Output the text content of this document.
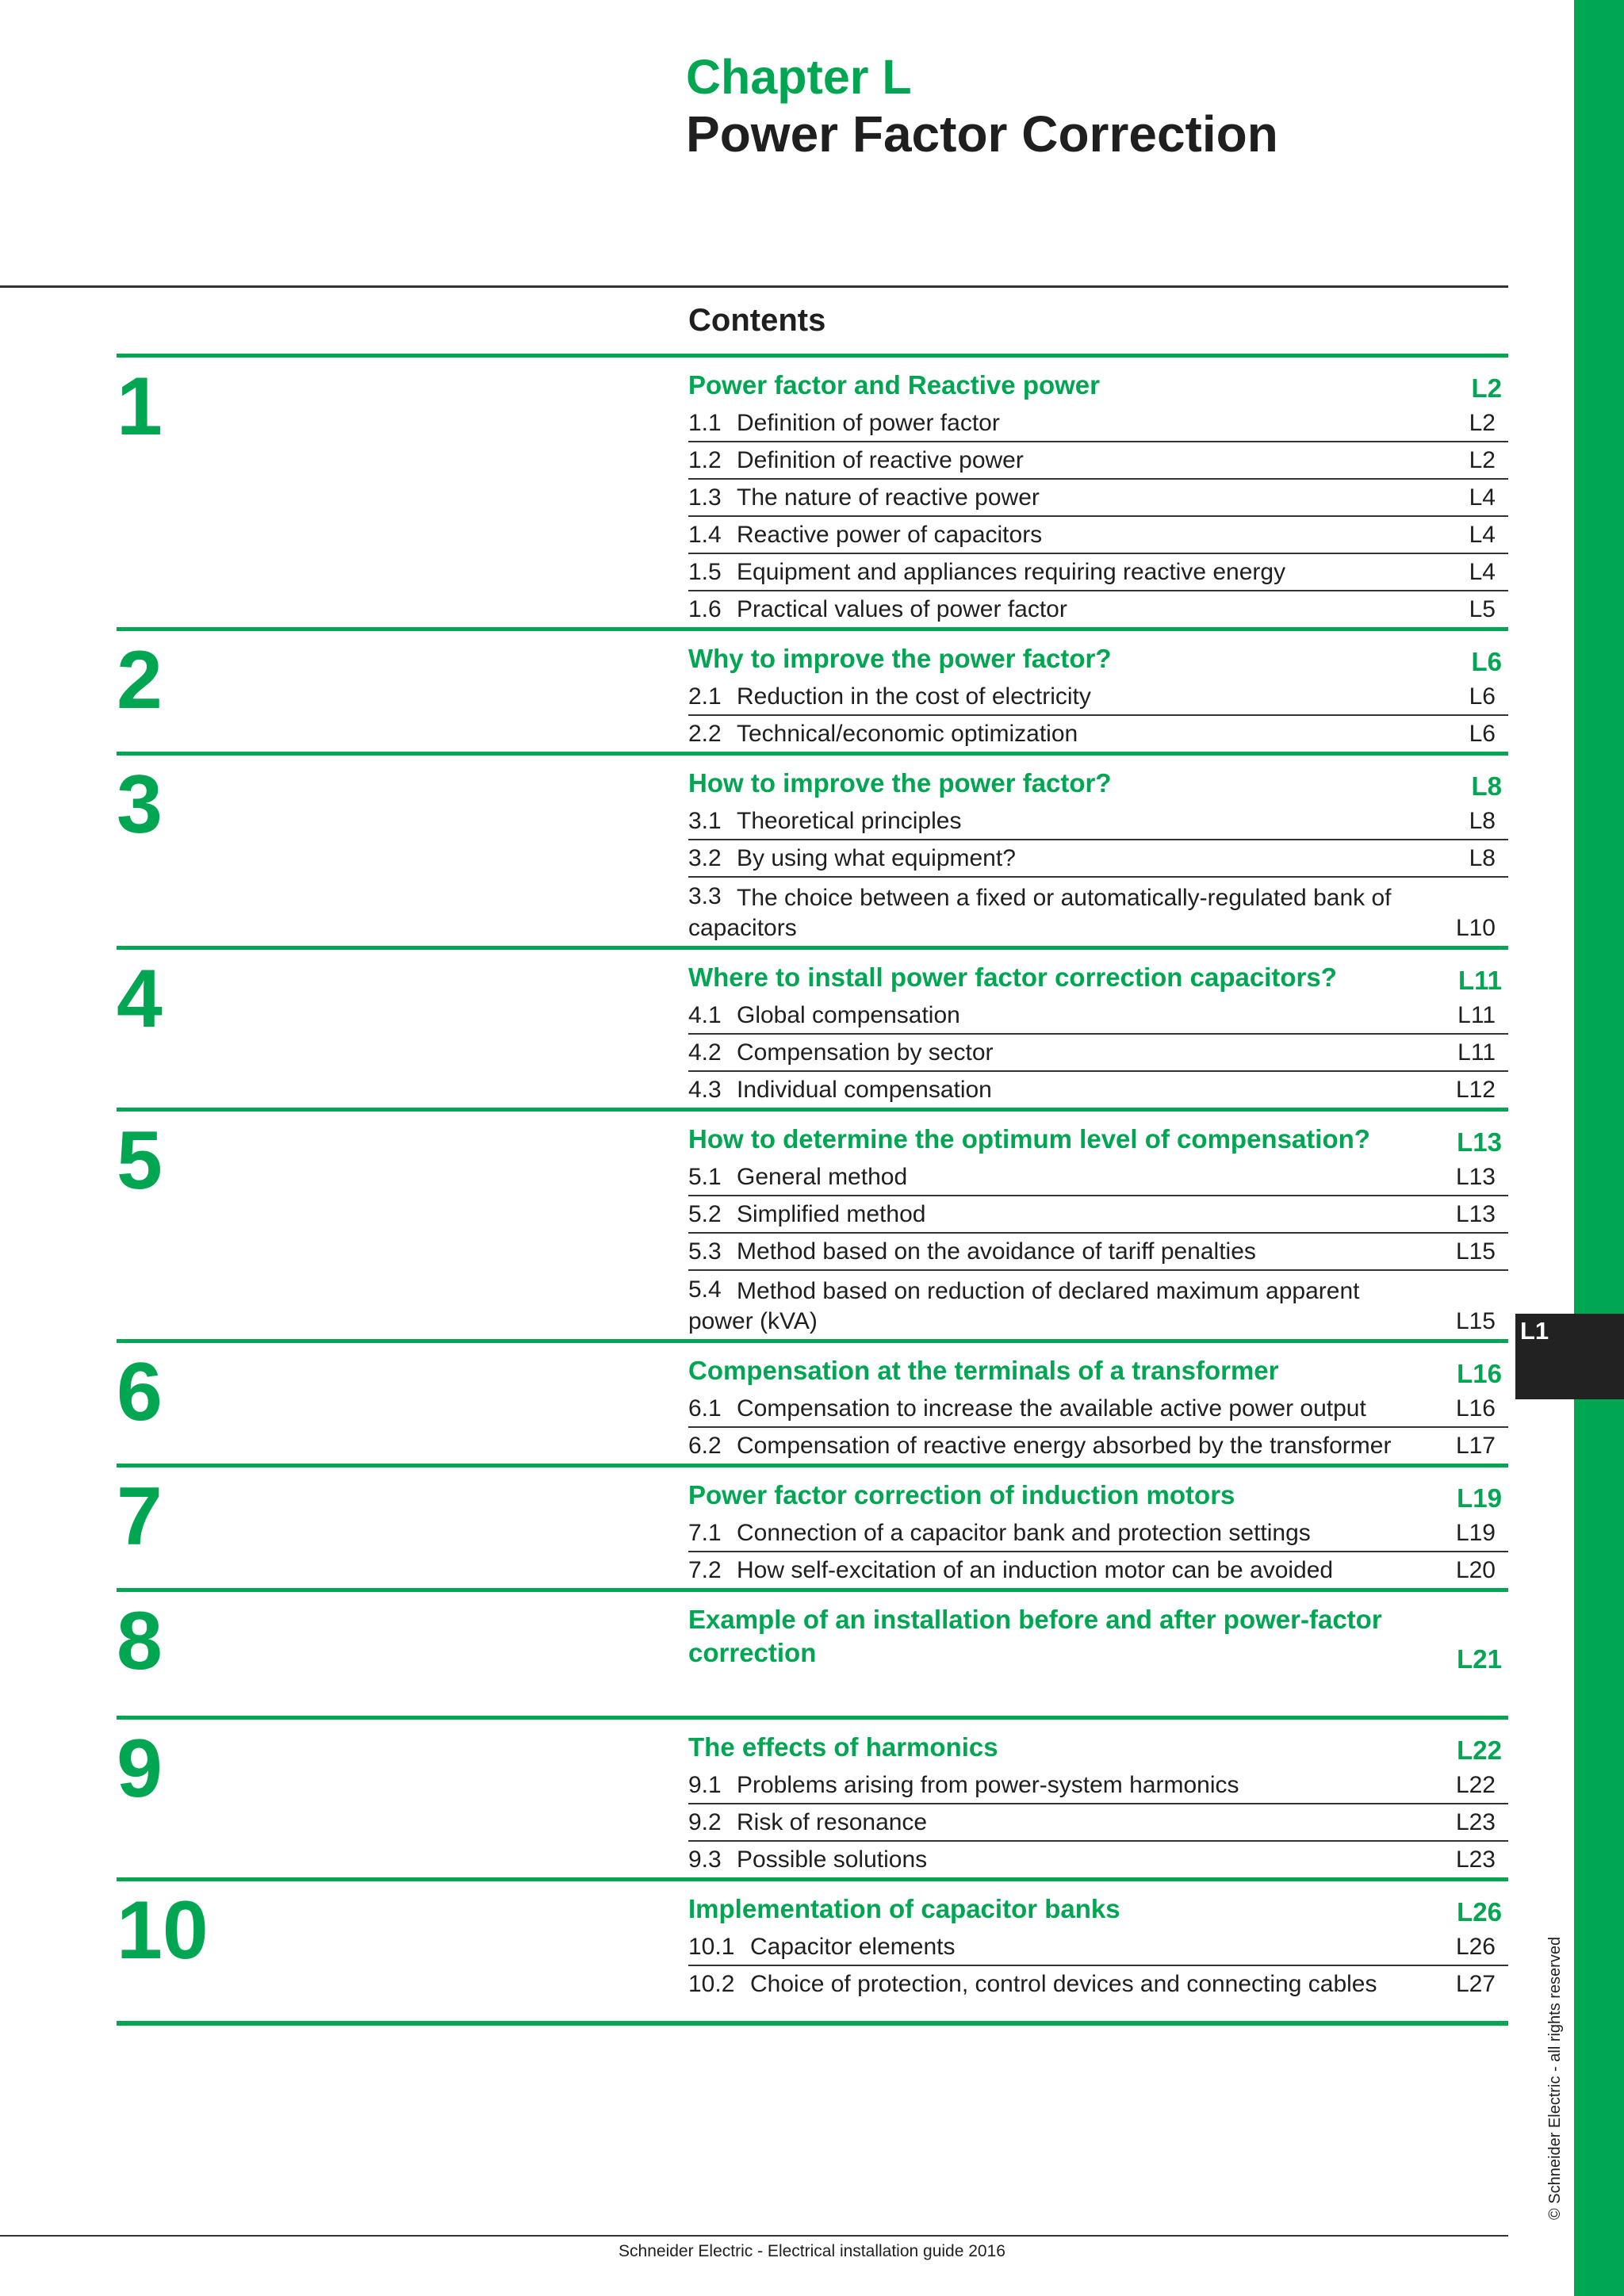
L1
© Schneider Electric - all rights reserved
Chapter L
Power Factor Correction
Contents
1	Power factor and Reactive power	L2
1.1 Definition of power factor	L2
1.2 Definition of reactive power	L2
1.3 The nature of reactive power	L4
1.4 Reactive power of capacitors	L4
1.5 Equipment and appliances requiring reactive energy	L4
1.6 Practical values of power factor	L5
2	Why to improve the power factor?	L6
2.1 Reduction in the cost of electricity	L6
2.2 Technical/economic optimization	L6
3	How to improve the power factor?	L8
3.1 Theoretical principles	L8
3.2 By using what equipment?	L8
3.3 The choice between a fixed or automatically-regulated bank of capacitors	L10
4	Where to install power factor correction capacitors?	L11
4.1 Global compensation	L11
4.2 Compensation by sector	L11
4.3 Individual compensation	L12
5	How to determine the optimum level of compensation?	L13
5.1 General method	L13
5.2 Simplified method	L13
5.3 Method based on the avoidance of tariff penalties	L15
5.4 Method based on reduction of declared maximum apparent power (kVA)	L15
6	Compensation at the terminals of a transformer	L16
6.1 Compensation to increase the available active power output	L16
6.2 Compensation of reactive energy absorbed by the transformer	L17
7	Power factor correction of induction motors	L19
7.1 Connection of a capacitor bank and protection settings	L19
7.2 How self-excitation of an induction motor can be avoided	L20
8	Example of an installation before and after power-factor correction	L21
9	The effects of harmonics	L22
9.1 Problems arising from power-system harmonics	L22
9.2 Risk of resonance	L23
9.3 Possible solutions	L23
10	Implementation of capacitor banks	L26
10.1 Capacitor elements	L26
10.2 Choice of protection, control devices and connecting cables	L27
Schneider Electric - Electrical installation guide 2016
